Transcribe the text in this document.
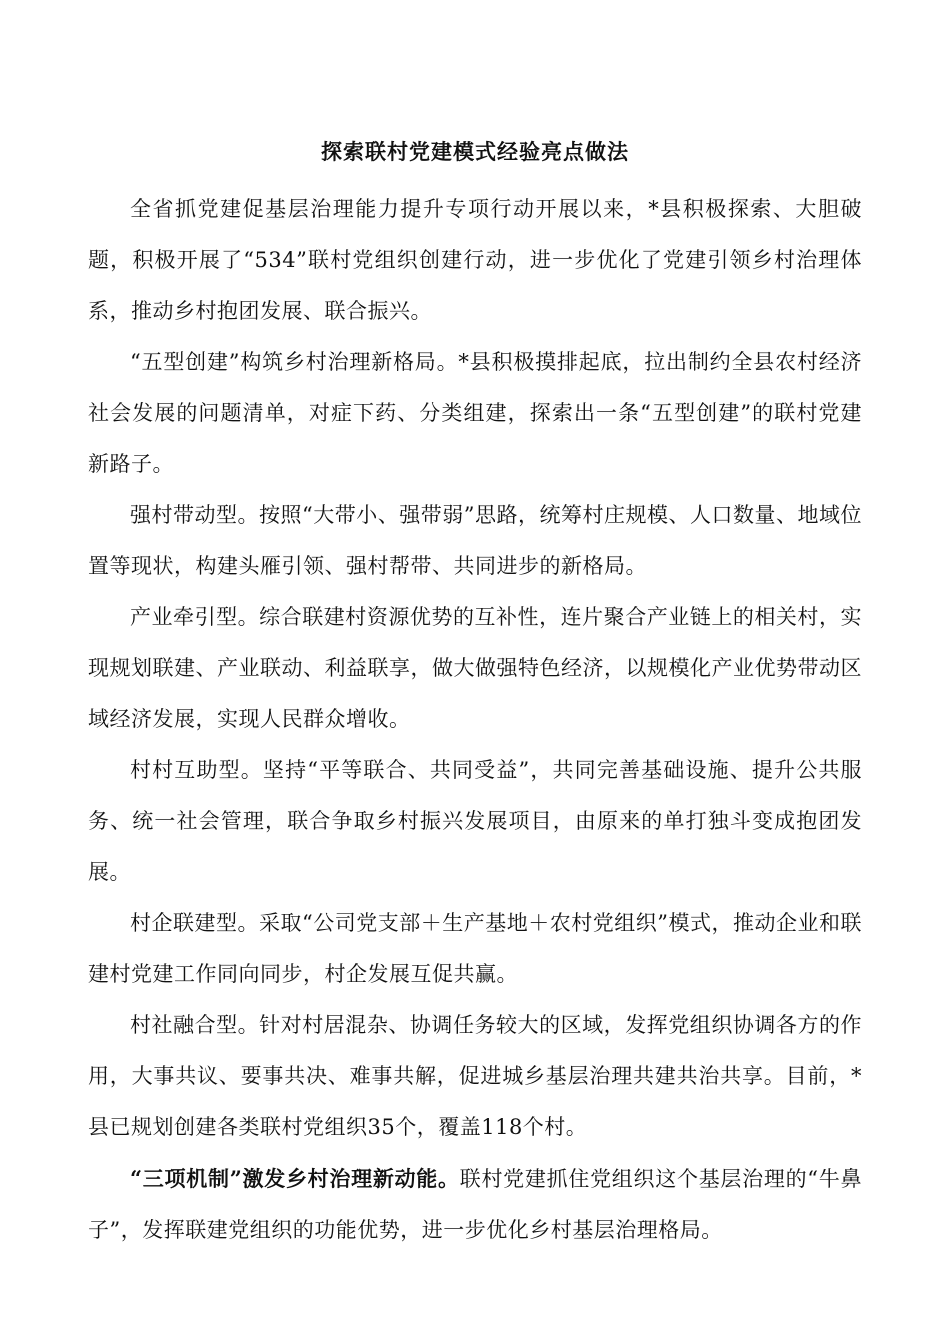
探索联村党建模式经验亮点做法

全省抓党建促基层治理能力提升专项行动开展以来，*县积极探索、大胆破题，积极开展了“534”联村党组织创建行动，进一步优化了党建引领乡村治理体系，推动乡村抱团发展、联合振兴。

“五型创建”构筑乡村治理新格局。*县积极摸排起底，拉出制约全县农村经济社会发展的问题清单，对症下药、分类组建，探索出一条“五型创建”的联村党建新路子。

强村带动型。按照“大带小、强带弱”思路，统筹村庄规模、人口数量、地域位置等现状，构建头雁引领、强村帮带、共同进步的新格局。

产业牵引型。综合联建村资源优势的互补性，连片聚合产业链上的相关村，实现规划联建、产业联动、利益联享，做大做强特色经济，以规模化产业优势带动区域经济发展，实现人民群众增收。

村村互助型。坚持“平等联合、共同受益”，共同完善基础设施、提升公共服务、统一社会管理，联合争取乡村振兴发展项目，由原来的单打独斗变成抱团发展。

村企联建型。采取“公司党支部＋生产基地＋农村党组织”模式，推动企业和联建村党建工作同向同步，村企发展互促共赢。

村社融合型。针对村居混杂、协调任务较大的区域，发挥党组织协调各方的作用，大事共议、要事共决、难事共解，促进城乡基层治理共建共治共享。目前，*县已规划创建各类联村党组织35个，覆盖118个村。

“三项机制”激发乡村治理新动能。联村党建抓住党组织这个基层治理的“牛鼻子”，发挥联建党组织的功能优势，进一步优化乡村基层治理格局。
